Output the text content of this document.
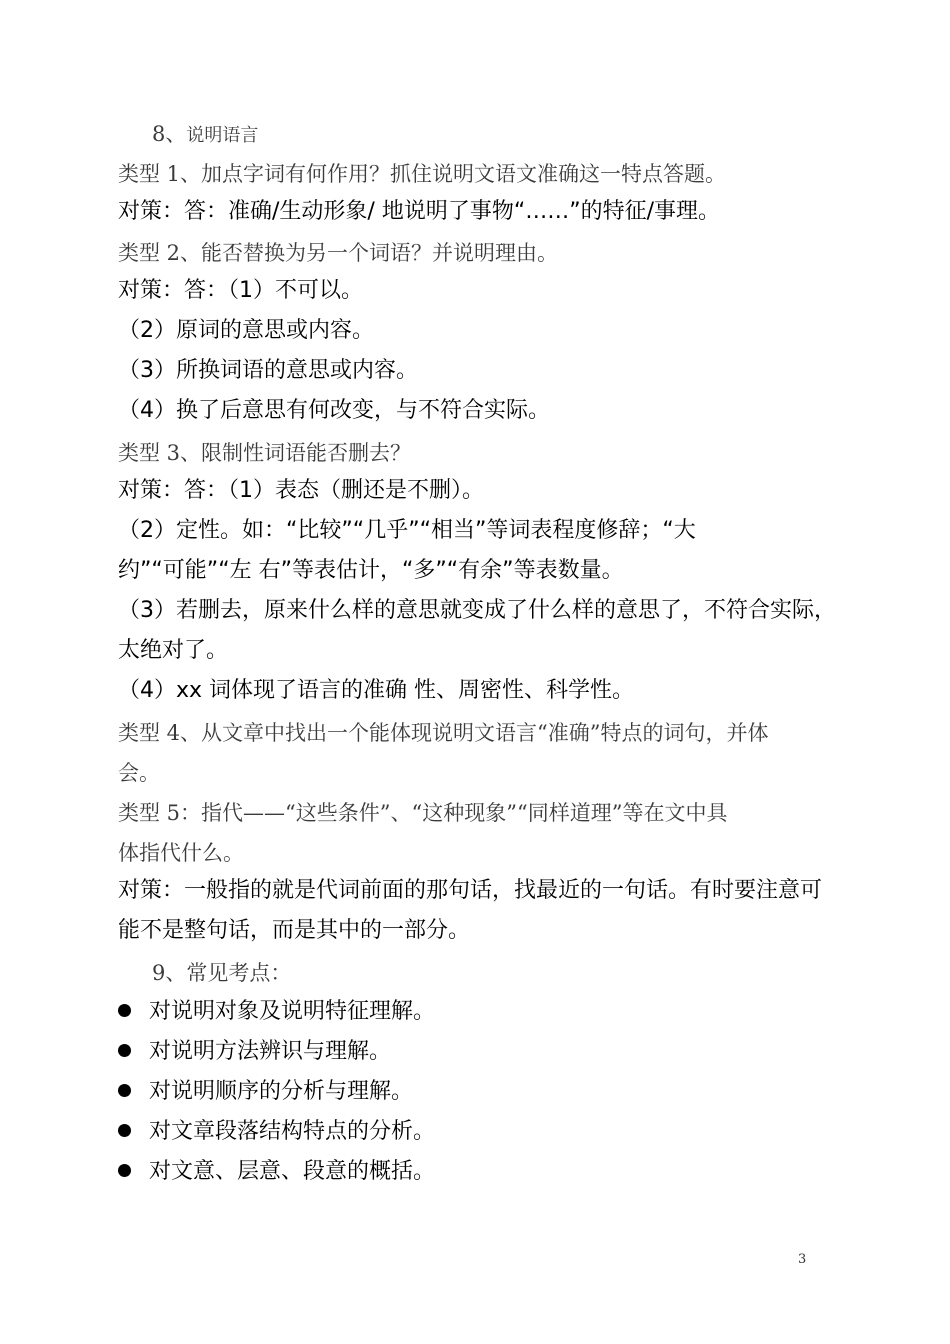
8、说明语言
类型 1、加点字词有何作用？抓住说明文语文准确这一特点答题。
对策：答：准确/生动形象/ 地说明了事物“……”的特征/事理。
类型 2、能否替换为另一个词语？并说明理由。
对策：答：（1）不可以。
（2）原词的意思或内容。
（3）所换词语的意思或内容。
（4）换了后意思有何改变，与不符合实际。
类型 3、限制性词语能否删去？
对策：答：（1）表态（删还是不删）。
（2）定性。如：“比较”“几乎”“相当”等词表程度修辞；“大
约”“可能”“左 右”等表估计，“多”“有余”等表数量。
（3）若删去，原来什么样的意思就变成了什么样的意思了，不符合实际，
太绝对了。
（4）xx 词体现了语言的准确 性、周密性、科学性。
类型 4、从文章中找出一个能体现说明文语言“准确”特点的词句，并体
会。
类型 5：指代——“这些条件”、“这种现象”“同样道理”等在文中具
体指代什么。
对策：一般指的就是代词前面的那句话，找最近的一句话。有时要注意可
能不是整句话，而是其中的一部分。
9、常见考点：
对说明对象及说明特征理解。
对说明方法辨识与理解。
对说明顺序的分析与理解。
对文章段落结构特点的分析。
对文意、层意、段意的概括。
3
